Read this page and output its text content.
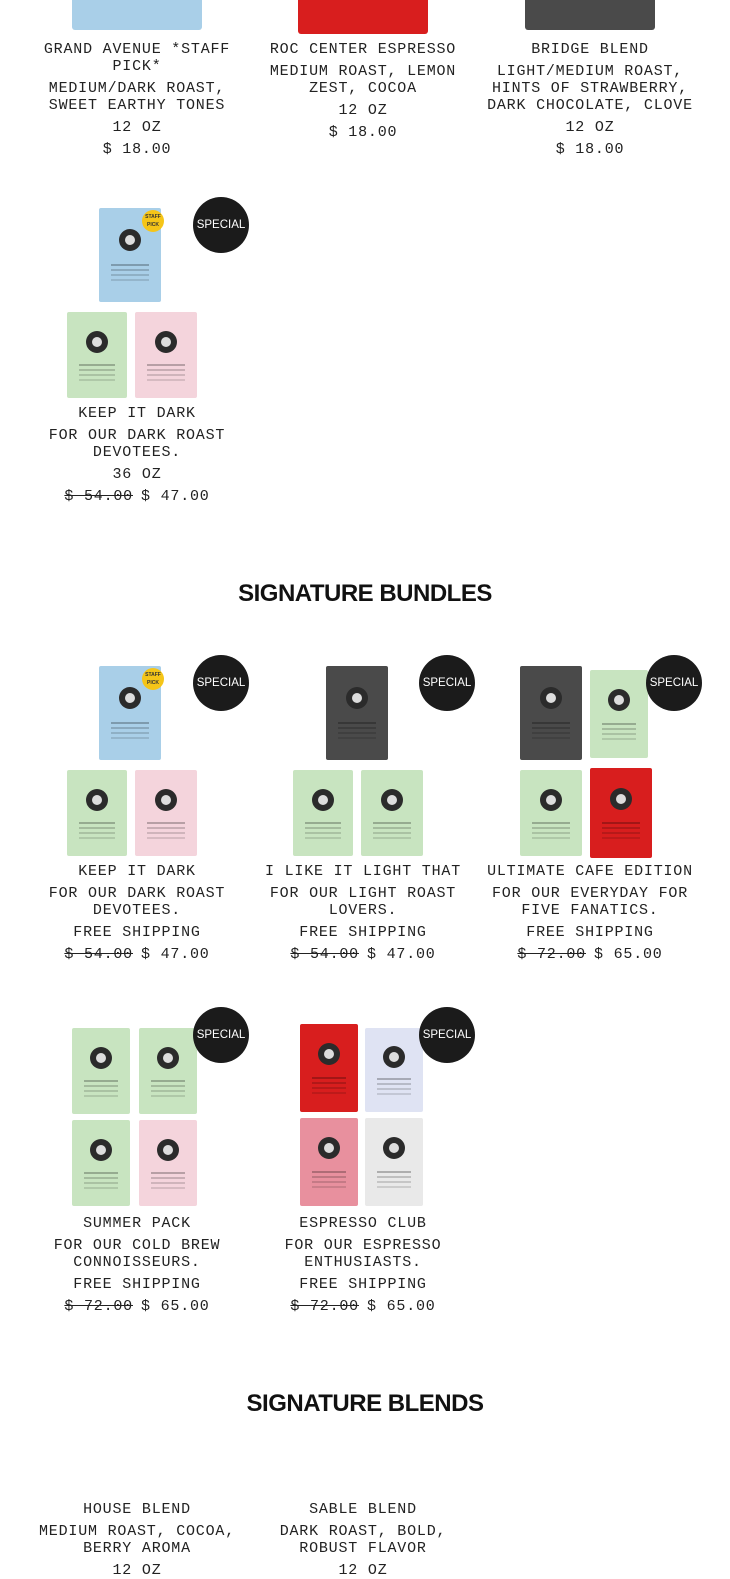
GRAND AVENUE *STAFF PICK*
MEDIUM/DARK ROAST, SWEET EARTHY TONES
12 OZ
$ 18.00
ROC CENTER ESPRESSO
MEDIUM ROAST, LEMON ZEST, COCOA
12 OZ
$ 18.00
BRIDGE BLEND
LIGHT/MEDIUM ROAST, HINTS OF STRAWBERRY, DARK CHOCOLATE, CLOVE
12 OZ
$ 18.00
STAFF PICK	SPECIAL
KEEP IT DARK
FOR OUR DARK ROAST DEVOTEES.
36 OZ
$ 54.00 $ 47.00
SIGNATURE BUNDLES
STAFF PICK	SPECIAL
KEEP IT DARK
FOR OUR DARK ROAST DEVOTEES.
FREE SHIPPING
$ 54.00 $ 47.00
SPECIAL
I LIKE IT LIGHT THAT
FOR OUR LIGHT ROAST LOVERS.
FREE SHIPPING
$ 54.00 $ 47.00
SPECIAL
ULTIMATE CAFE EDITION
FOR OUR EVERYDAY FOR FIVE FANATICS.
FREE SHIPPING
$ 72.00 $ 65.00
SPECIAL
SUMMER PACK
FOR OUR COLD BREW CONNOISSEURS.
FREE SHIPPING
$ 72.00 $ 65.00
SPECIAL
ESPRESSO CLUB
FOR OUR ESPRESSO ENTHUSIASTS.
FREE SHIPPING
$ 72.00 $ 65.00
SIGNATURE BLENDS
HOUSE BLEND
MEDIUM ROAST, COCOA, BERRY AROMA
12 OZ
SABLE BLEND
DARK ROAST, BOLD, ROBUST FLAVOR
12 OZ
